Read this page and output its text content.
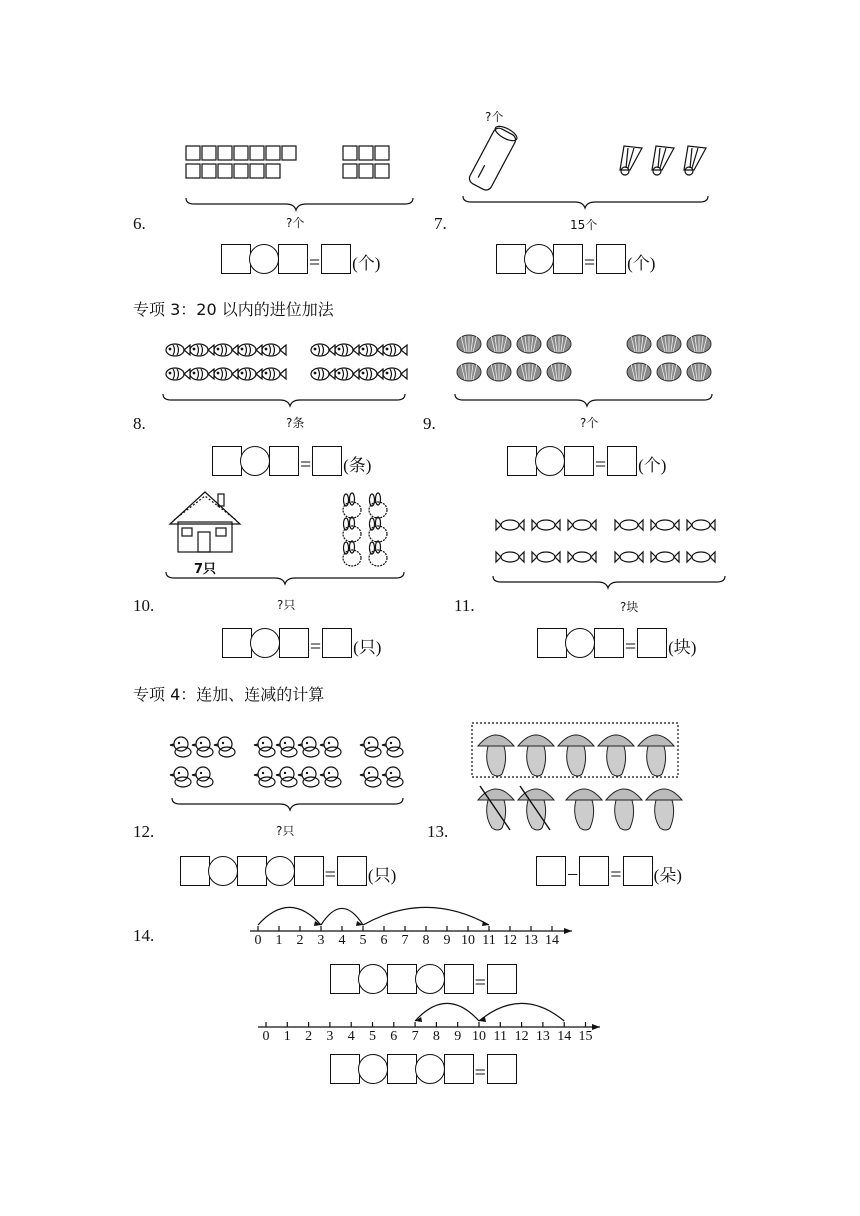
6.	?个
= (个)
?个
7.	15个
= (个)
专项 3：20 以内的进位加法
8.	?条
= (条)
9.	?个
= (个)
7只
10.	?只
= (只)
11.	?块
= (块)
专项 4：连加、连减的计算
12.	?只
= (只)
13.
− = (朵)
14.	0	1	2	3	4	5	6	7	8	9 10 11 12 13 14
=
0	1	2	3	4	5	6	7	8	9 10 11 12 13 14 15
=
